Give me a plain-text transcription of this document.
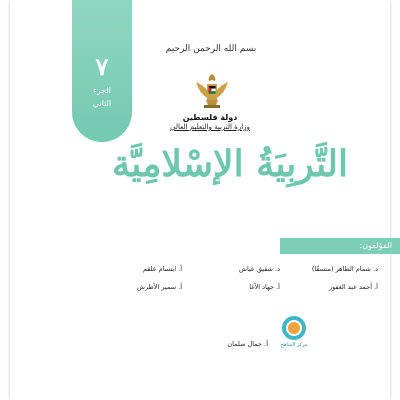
٧
الجزء
الثاني
بسم الله الرحمن الرحيم
دولة فلسطين
وزارة التربية والتعليم العالي
التَّربِيَةُ الإسْلامِيَّة
المؤلفون:
د. شمام الطاهر (منسقًا)
د. شفيق عياش
أ. ابتسام علقم
أ. أحمد عبد الغفور
أ. جهاد الآغا
أ. سمير الأطرش
أ. جمال سلمان	مركز المناهج
